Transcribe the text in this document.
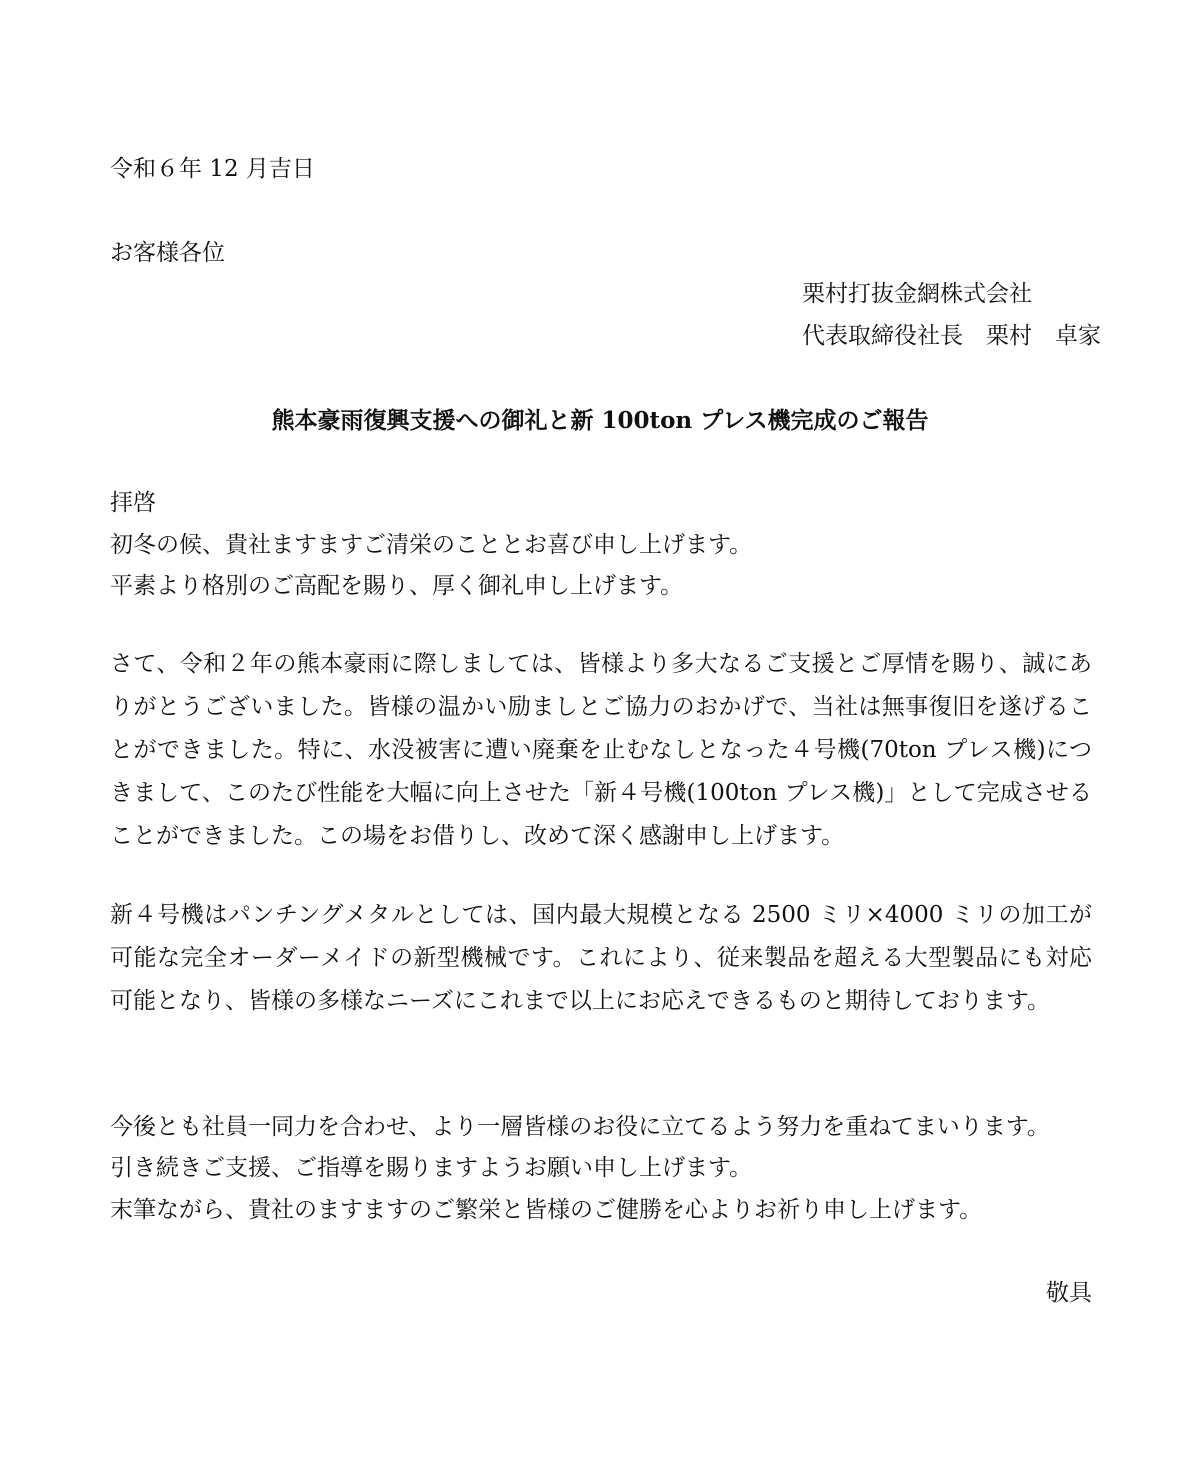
令和６年 12 月吉日
お客様各位
栗村打抜金網株式会社
代表取締役社長　栗村　卓家
熊本豪雨復興支援への御礼と新 100ton プレス機完成のご報告
拝啓
初冬の候、貴社ますますご清栄のこととお喜び申し上げます。
平素より格別のご高配を賜り、厚く御礼申し上げます。
さて、令和２年の熊本豪雨に際しましては、皆様より多大なるご支援とご厚情を賜り、誠にありがとうございました。皆様の温かい励ましとご協力のおかげで、当社は無事復旧を遂げることができました。特に、水没被害に遭い廃棄を止むなしとなった４号機(70ton プレス機)につきまして、このたび性能を大幅に向上させた「新４号機(100ton プレス機)」として完成させることができました。この場をお借りし、改めて深く感謝申し上げます。
新４号機はパンチングメタルとしては、国内最大規模となる 2500 ミリ×4000 ミリの加工が可能な完全オーダーメイドの新型機械です。これにより、従来製品を超える大型製品にも対応可能となり、皆様の多様なニーズにこれまで以上にお応えできるものと期待しております。
今後とも社員一同力を合わせ、より一層皆様のお役に立てるよう努力を重ねてまいります。
引き続きご支援、ご指導を賜りますようお願い申し上げます。
末筆ながら、貴社のますますのご繁栄と皆様のご健勝を心よりお祈り申し上げます。
敬具
